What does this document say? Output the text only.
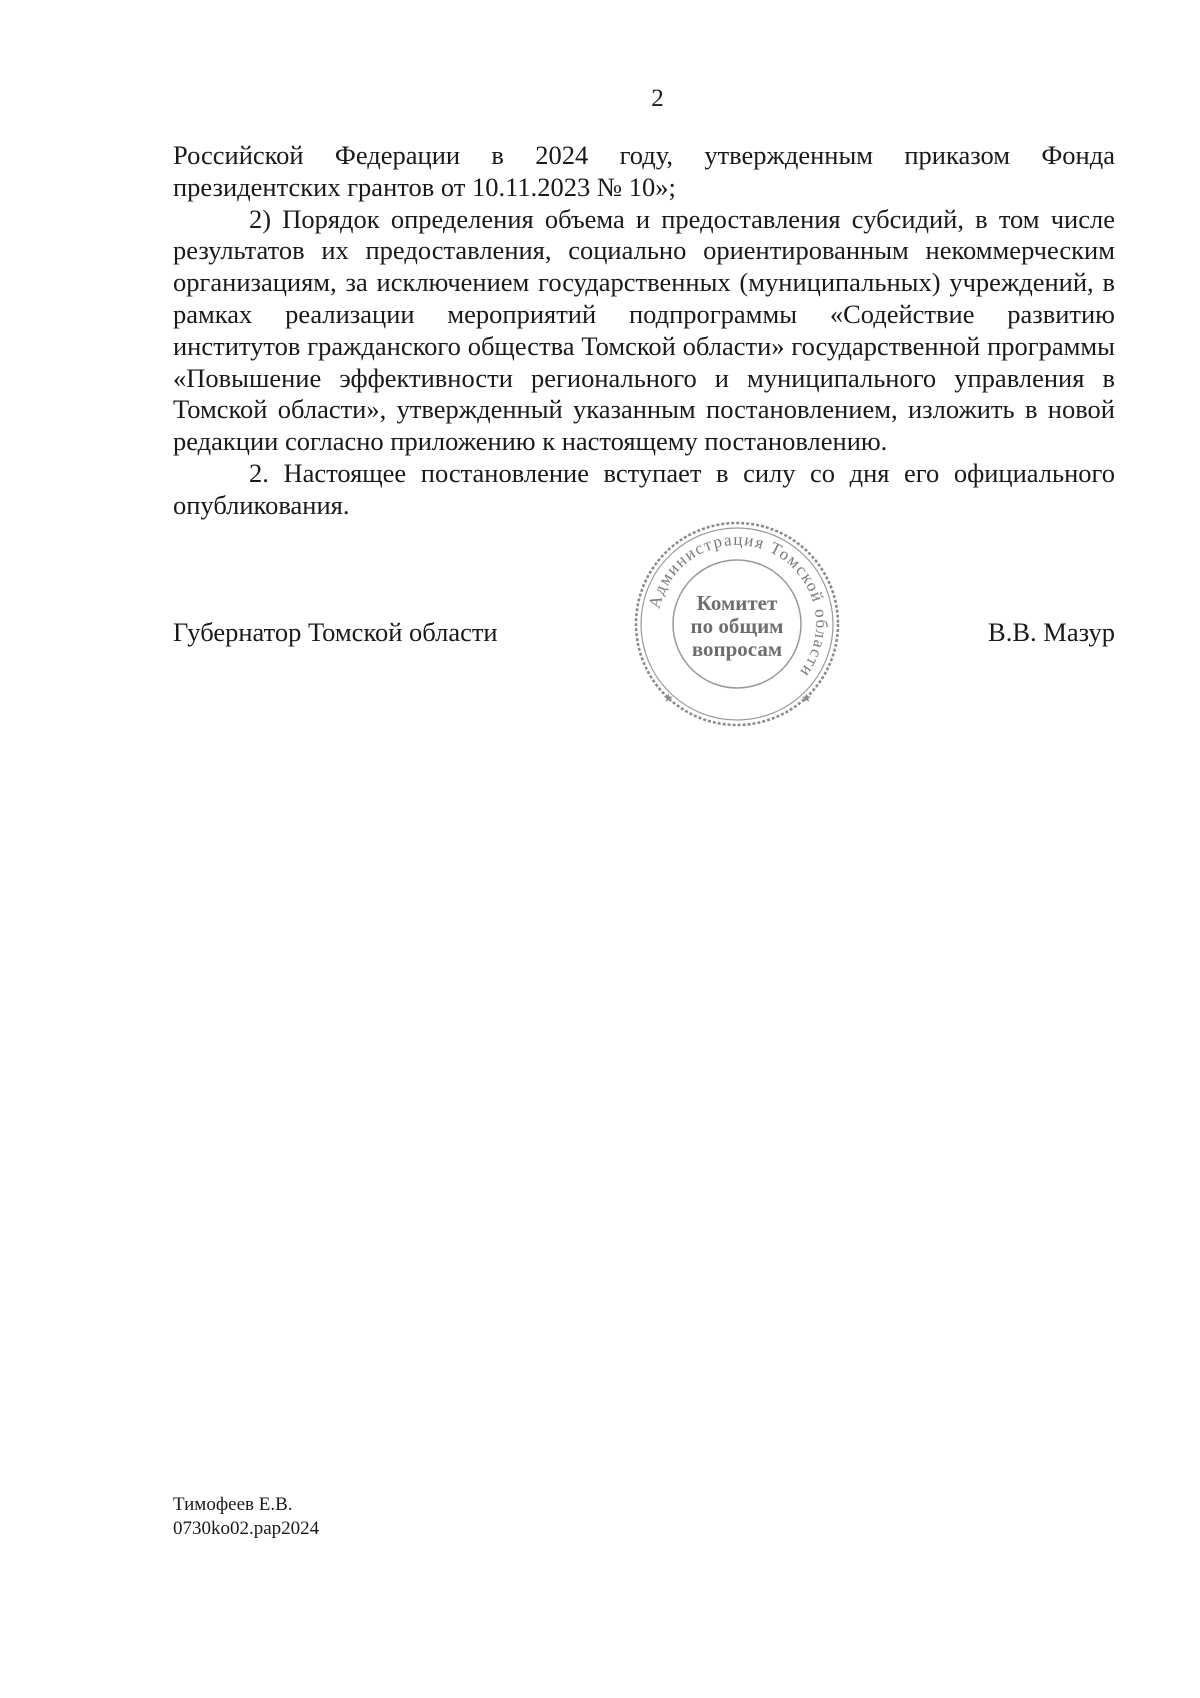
2

Российской Федерации в 2024 году, утвержденным приказом Фонда президентских грантов от 10.11.2023 № 10»;

2) Порядок определения объема и предоставления субсидий, в том числе результатов их предоставления, социально ориентированным некоммерческим организациям, за исключением государственных (муниципальных) учреждений, в рамках реализации мероприятий подпрограммы «Содействие развитию институтов гражданского общества Томской области» государственной программы «Повышение эффективности регионального и муниципального управления в Томской области», утвержденный указанным постановлением, изложить в новой редакции согласно приложению к настоящему постановлению.

2. Настоящее постановление вступает в силу со дня его официального опубликования.

Губернатор Томской области	В.В. Мазур
Администрация Томской области
★	★
Комитет
по общим
вопросам
Тимофеев Е.В.
0730ko02.pap2024
